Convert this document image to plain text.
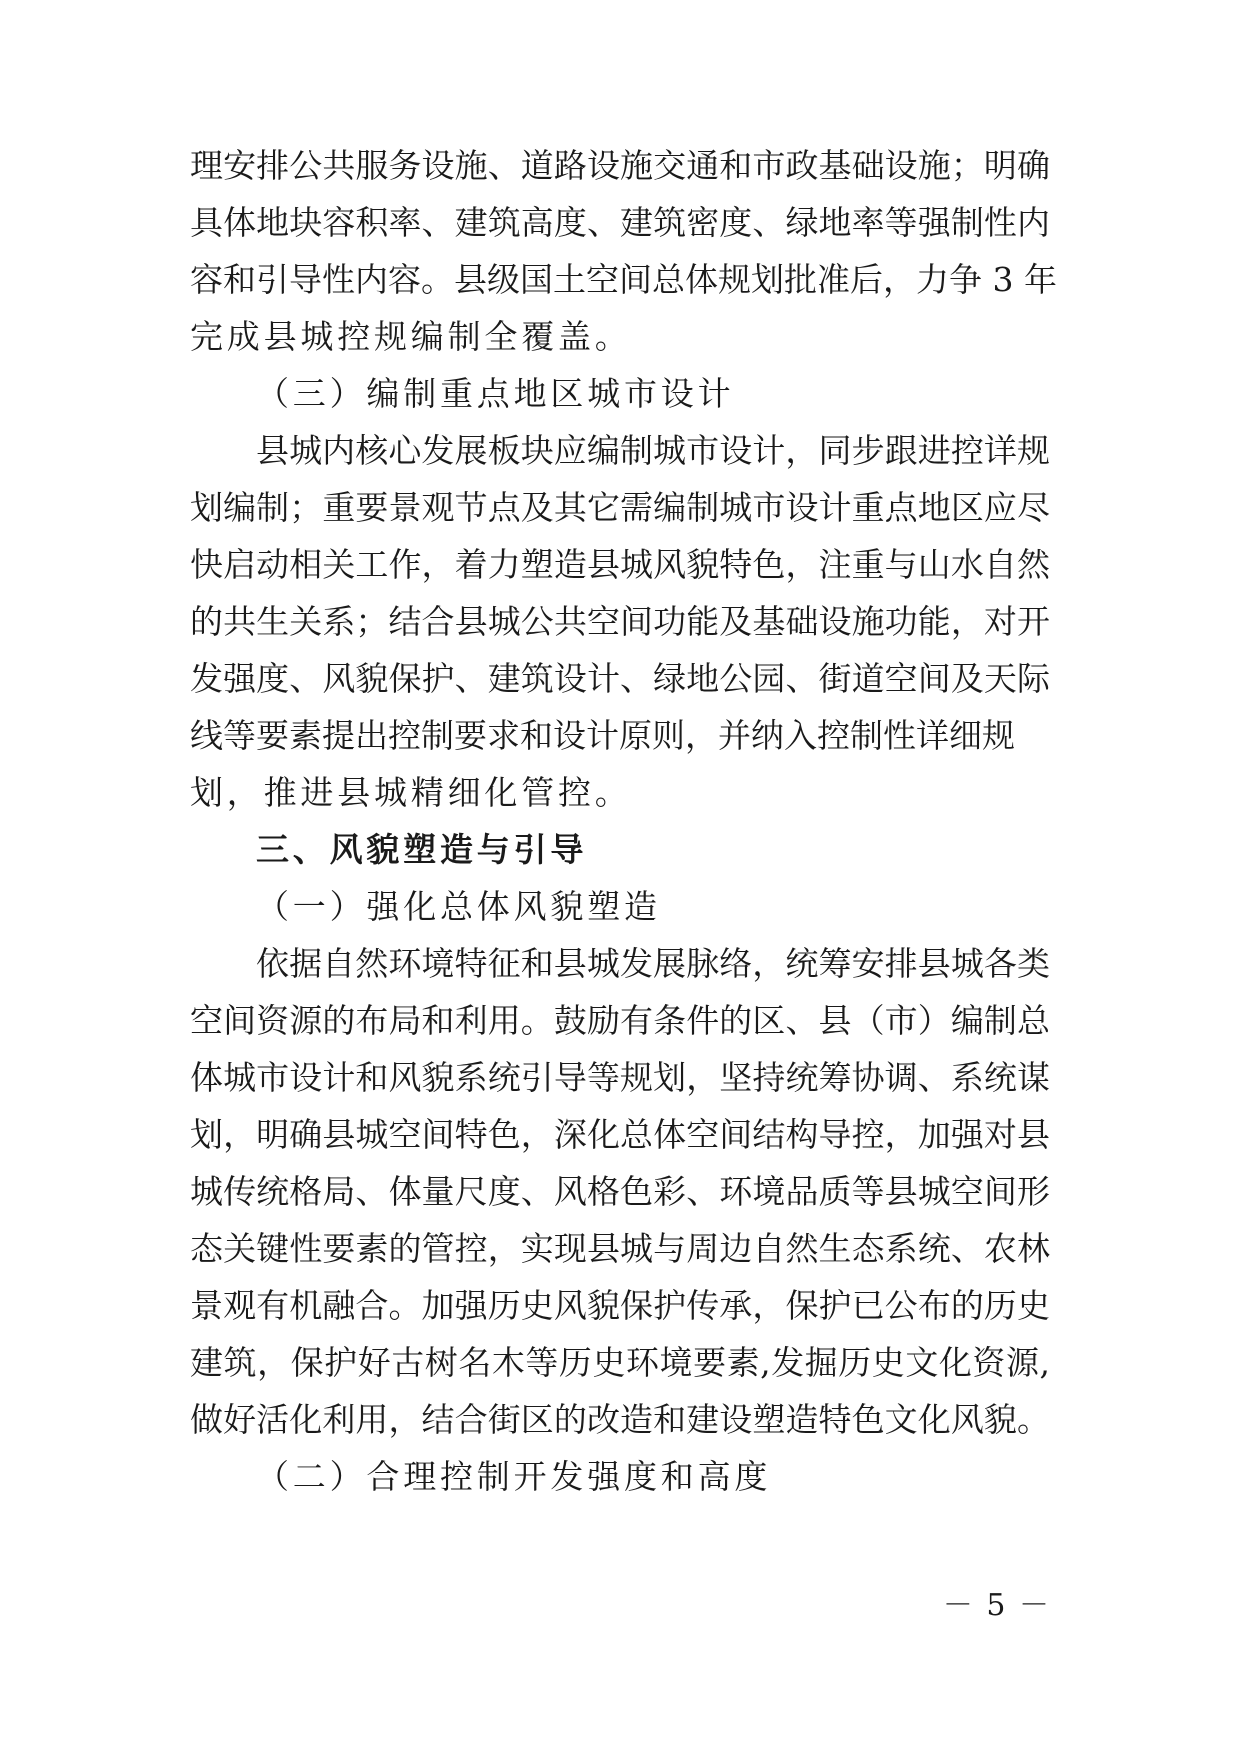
理安排公共服务设施、道路设施交通和市政基础设施；明确
具体地块容积率、建筑高度、建筑密度、绿地率等强制性内
容和引导性内容。县级国土空间总体规划批准后，力争 3 年
完成县城控规编制全覆盖。
（三）编制重点地区城市设计
县城内核心发展板块应编制城市设计，同步跟进控详规
划编制；重要景观节点及其它需编制城市设计重点地区应尽
快启动相关工作，着力塑造县城风貌特色，注重与山水自然
的共生关系；结合县城公共空间功能及基础设施功能，对开
发强度、风貌保护、建筑设计、绿地公园、街道空间及天际
线等要素提出控制要求和设计原则，并纳入控制性详细规
划，推进县城精细化管控。
三、风貌塑造与引导
（一）强化总体风貌塑造
依据自然环境特征和县城发展脉络，统筹安排县城各类
空间资源的布局和利用。鼓励有条件的区、县（市）编制总
体城市设计和风貌系统引导等规划，坚持统筹协调、系统谋
划，明确县城空间特色，深化总体空间结构导控，加强对县
城传统格局、体量尺度、风格色彩、环境品质等县城空间形
态关键性要素的管控，实现县城与周边自然生态系统、农林
景观有机融合。加强历史风貌保护传承，保护已公布的历史
建筑，保护好古树名木等历史环境要素,发掘历史文化资源,
做好活化利用，结合街区的改造和建设塑造特色文化风貌。
（二）合理控制开发强度和高度
－ 5 －
